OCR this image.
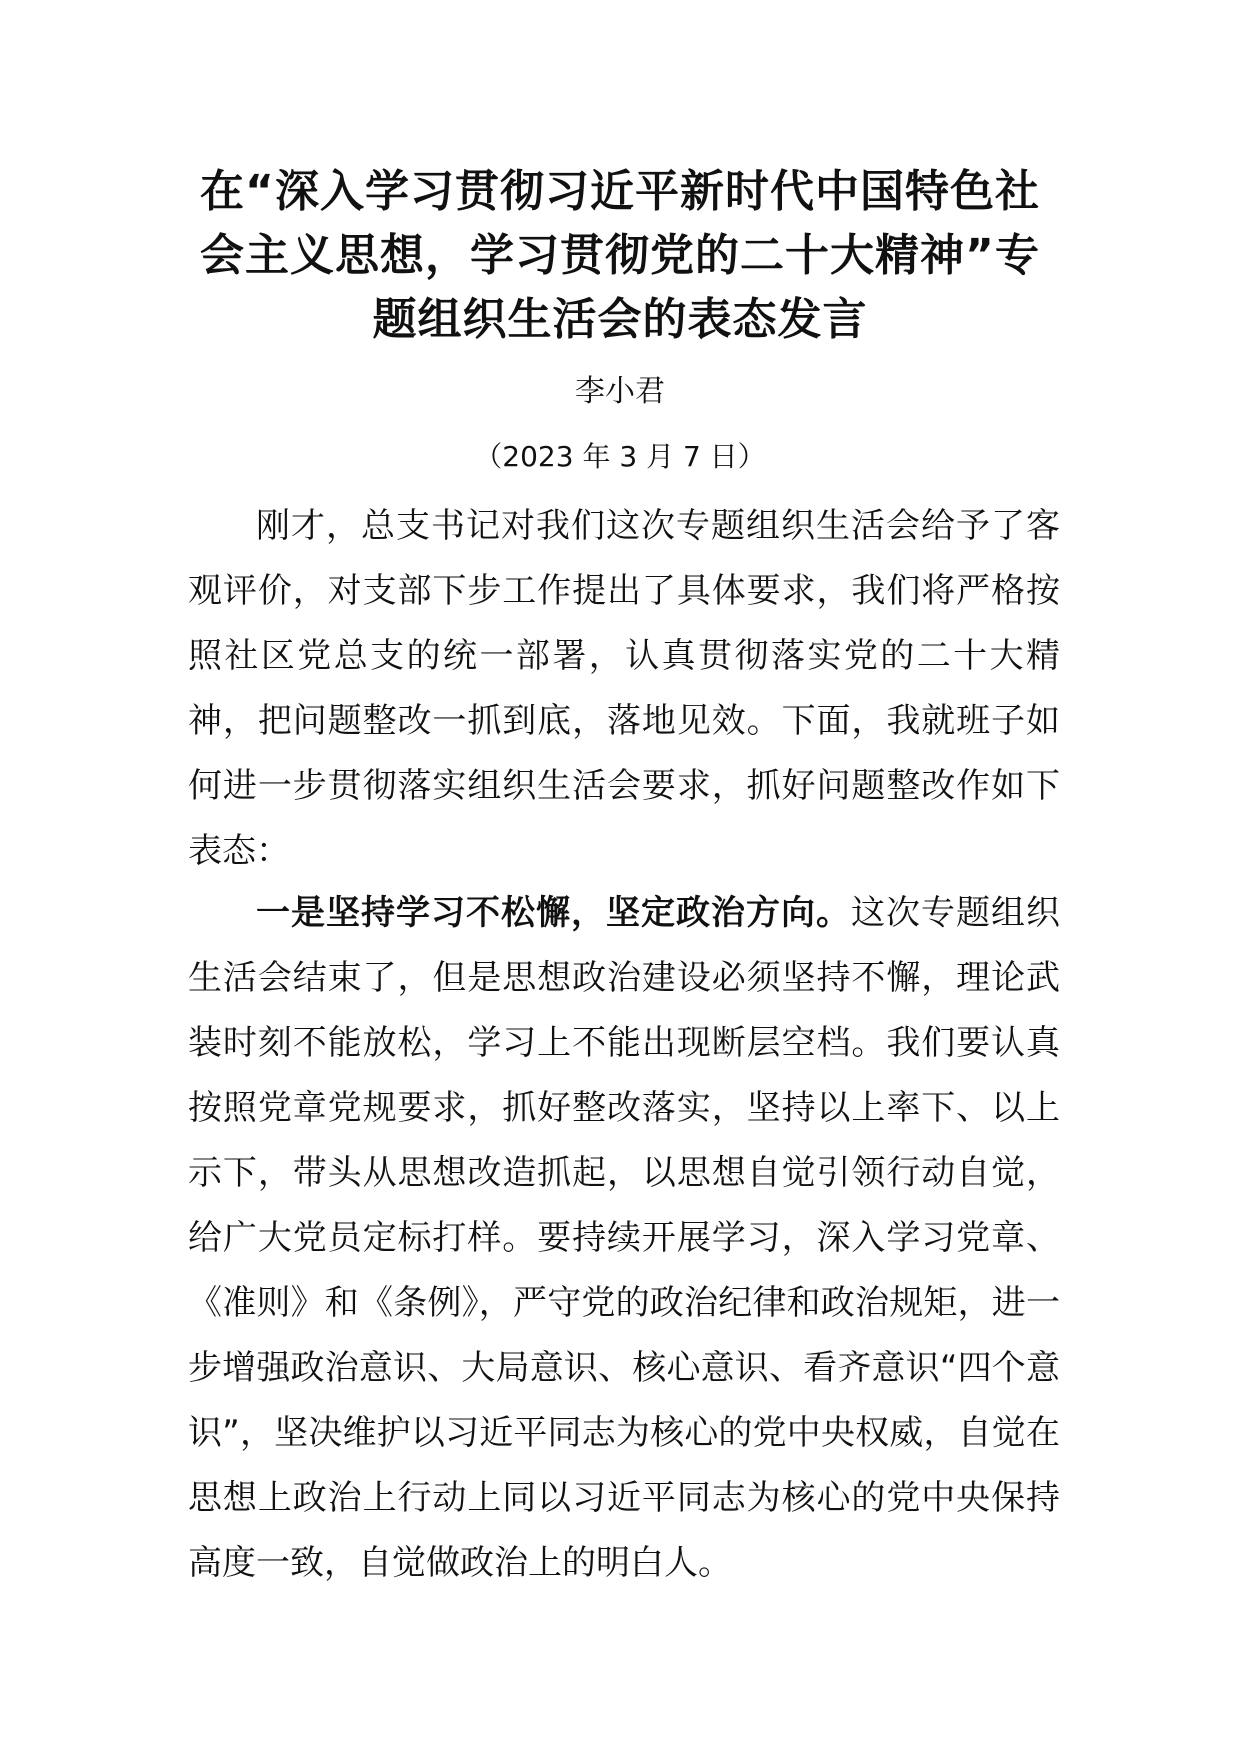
在“深入学习贯彻习近平新时代中国特色社会主义思想，学习贯彻党的二十大精神”专题组织生活会的表态发言
李小君
（2023 年 3 月 7 日）

刚才，总支书记对我们这次专题组织生活会给予了客观评价，对支部下步工作提出了具体要求，我们将严格按照社区党总支的统一部署，认真贯彻落实党的二十大精神，把问题整改一抓到底，落地见效。下面，我就班子如何进一步贯彻落实组织生活会要求，抓好问题整改作如下表态：

一是坚持学习不松懈，坚定政治方向。这次专题组织生活会结束了，但是思想政治建设必须坚持不懈，理论武装时刻不能放松，学习上不能出现断层空档。我们要认真按照党章党规要求，抓好整改落实，坚持以上率下、以上示下，带头从思想改造抓起，以思想自觉引领行动自觉，给广大党员定标打样。要持续开展学习，深入学习党章、《准则》和《条例》，严守党的政治纪律和政治规矩，进一步增强政治意识、大局意识、核心意识、看齐意识“四个意识”，坚决维护以习近平同志为核心的党中央权威，自觉在思想上政治上行动上同以习近平同志为核心的党中央保持高度一致，自觉做政治上的明白人。
